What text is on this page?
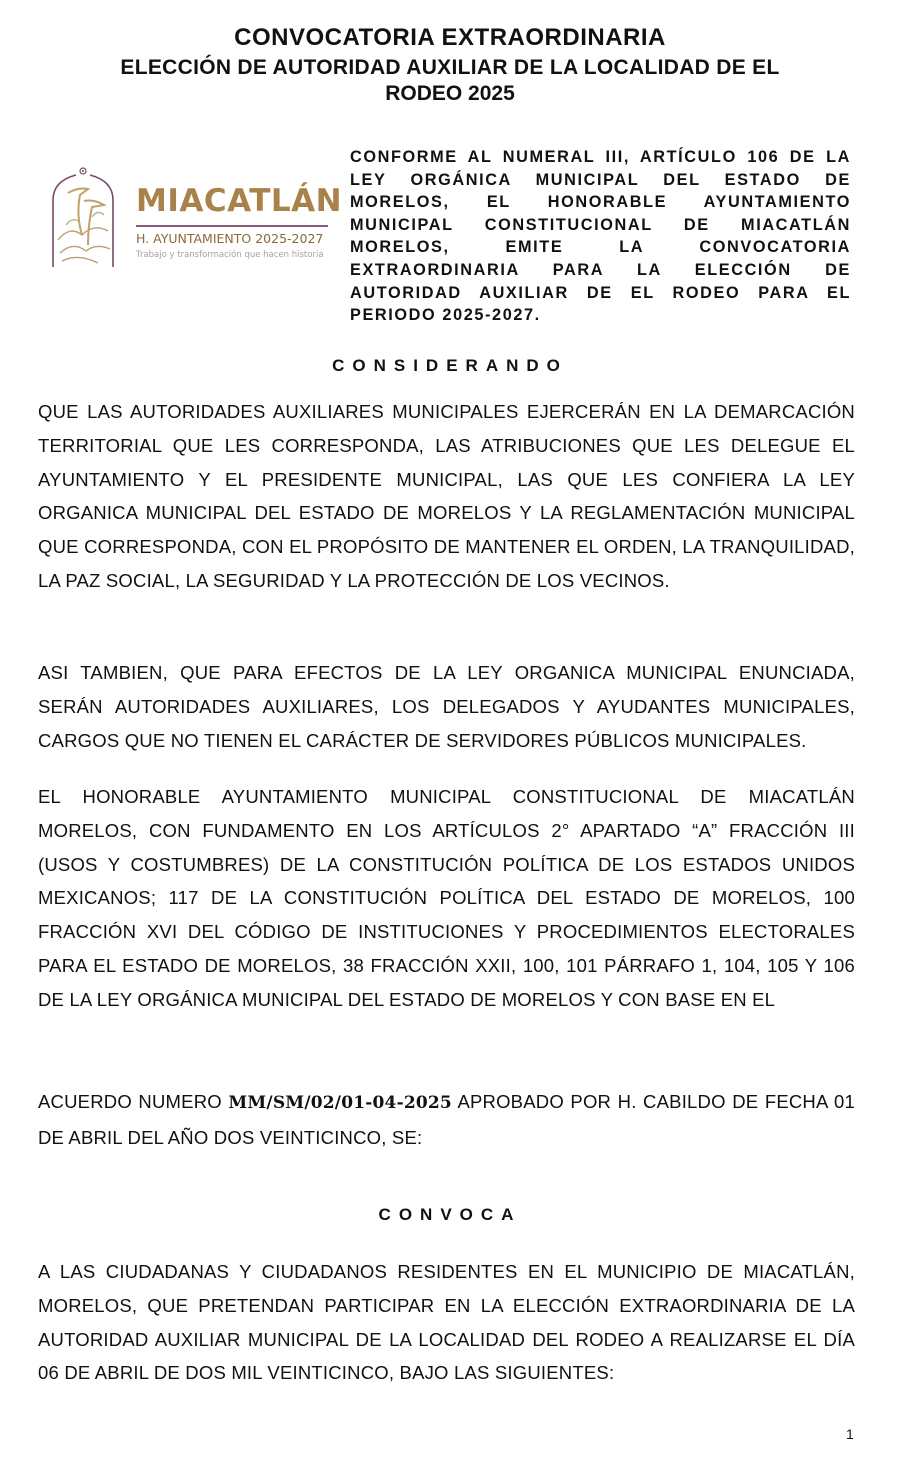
CONVOCATORIA EXTRAORDINARIA
ELECCIÓN DE AUTORIDAD AUXILIAR DE LA LOCALIDAD DE EL
RODEO 2025
MIACATLÁN
H. AYUNTAMIENTO 2025-2027
Trabajo y transformación que hacen historia
CONFORME AL NUMERAL III, ARTÍCULO 106 DE LA LEY ORGÁNICA MUNICIPAL DEL ESTADO DE MORELOS, EL HONORABLE AYUNTAMIENTO MUNICIPAL CONSTITUCIONAL DE MIACATLÁN MORELOS, EMITE LA CONVOCATORIA EXTRAORDINARIA PARA LA ELECCIÓN DE AUTORIDAD AUXILIAR DE EL RODEO PARA EL PERIODO 2025-2027.
CONSIDERANDO
QUE LAS AUTORIDADES AUXILIARES MUNICIPALES EJERCERÁN EN LA DEMARCACIÓN TERRITORIAL QUE LES CORRESPONDA, LAS ATRIBUCIONES QUE LES DELEGUE EL AYUNTAMIENTO Y EL PRESIDENTE MUNICIPAL, LAS QUE LES CONFIERA LA LEY ORGANICA MUNICIPAL DEL ESTADO DE MORELOS Y LA REGLAMENTACIÓN MUNICIPAL QUE CORRESPONDA, CON EL PROPÓSITO DE MANTENER EL ORDEN, LA TRANQUILIDAD, LA PAZ SOCIAL, LA SEGURIDAD Y LA PROTECCIÓN DE LOS VECINOS.
ASI TAMBIEN, QUE PARA EFECTOS DE LA LEY ORGANICA MUNICIPAL ENUNCIADA, SERÁN AUTORIDADES AUXILIARES, LOS DELEGADOS Y AYUDANTES MUNICIPALES, CARGOS QUE NO TIENEN EL CARÁCTER DE SERVIDORES PÚBLICOS MUNICIPALES.
EL HONORABLE AYUNTAMIENTO MUNICIPAL CONSTITUCIONAL DE MIACATLÁN MORELOS, CON FUNDAMENTO EN LOS ARTÍCULOS 2° APARTADO “A” FRACCIÓN III (USOS Y COSTUMBRES) DE LA CONSTITUCIÓN POLÍTICA DE LOS ESTADOS UNIDOS MEXICANOS; 117 DE LA CONSTITUCIÓN POLÍTICA DEL ESTADO DE MORELOS, 100 FRACCIÓN XVI DEL CÓDIGO DE INSTITUCIONES Y PROCEDIMIENTOS ELECTORALES PARA EL ESTADO DE MORELOS, 38 FRACCIÓN XXII, 100, 101 PÁRRAFO 1, 104, 105 Y 106 DE LA LEY ORGÁNICA MUNICIPAL DEL ESTADO DE MORELOS Y CON BASE EN EL
ACUERDO NUMERO MM/SM/02/01-04-2025 APROBADO POR H. CABILDO DE FECHA 01 DE ABRIL DEL AÑO DOS VEINTICINCO, SE:
CONVOCA
A LAS CIUDADANAS Y CIUDADANOS RESIDENTES EN EL MUNICIPIO DE MIACATLÁN, MORELOS, QUE PRETENDAN PARTICIPAR EN LA ELECCIÓN EXTRAORDINARIA DE LA AUTORIDAD AUXILIAR MUNICIPAL DE LA LOCALIDAD DEL RODEO A REALIZARSE EL DÍA 06 DE ABRIL DE DOS MIL VEINTICINCO, BAJO LAS SIGUIENTES:
1
